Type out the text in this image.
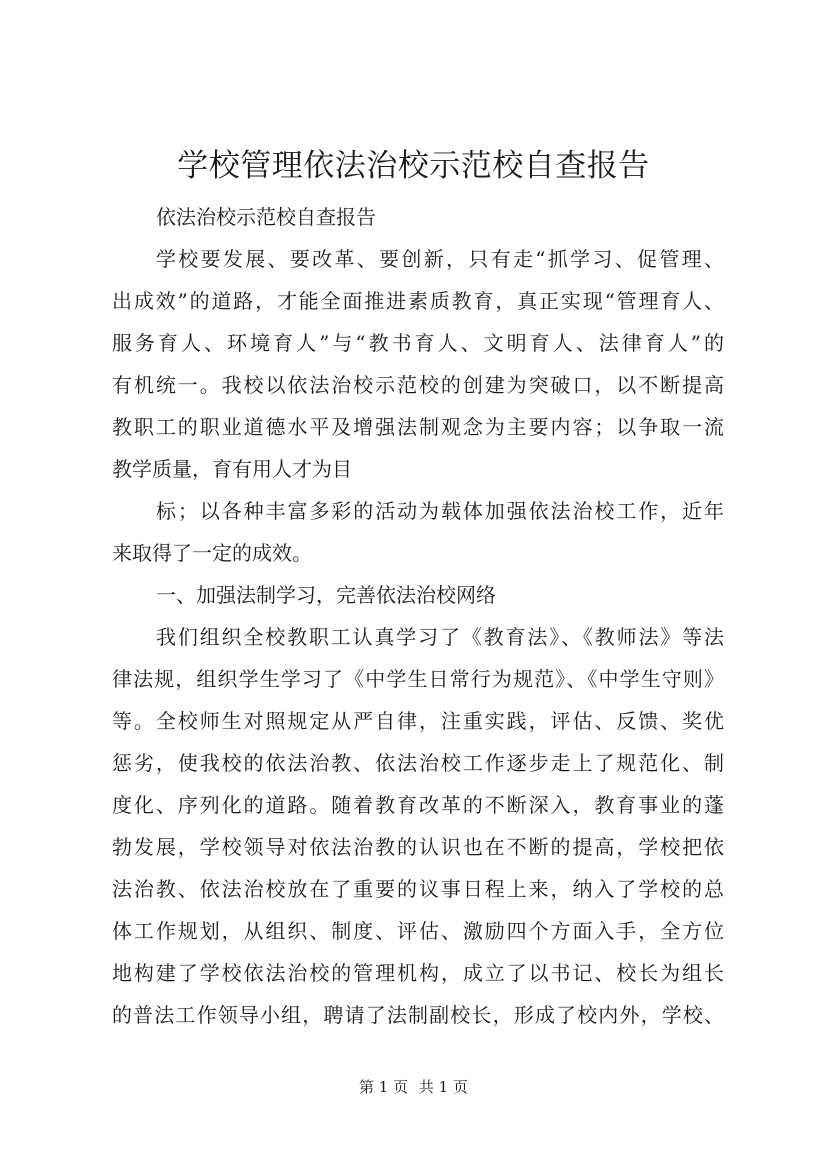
学校管理依法治校示范校自查报告
依法治校示范校自查报告
学校要发展、要改革、要创新，只有走“抓学习、促管理、
出成效”的道路，才能全面推进素质教育，真正实现“管理育人、
服务育人、环境育人”与“教书育人、文明育人、法律育人”的
有机统一。我校以依法治校示范校的创建为突破口，以不断提高
教职工的职业道德水平及增强法制观念为主要内容；以争取一流
教学质量，育有用人才为目
标；以各种丰富多彩的活动为载体加强依法治校工作，近年
来取得了一定的成效。
一、加强法制学习，完善依法治校网络
我们组织全校教职工认真学习了《教育法》、《教师法》等法
律法规，组织学生学习了《中学生日常行为规范》、《中学生守则》
等。全校师生对照规定从严自律，注重实践，评估、反馈、奖优
惩劣，使我校的依法治教、依法治校工作逐步走上了规范化、制
度化、序列化的道路。随着教育改革的不断深入，教育事业的蓬
勃发展，学校领导对依法治教的认识也在不断的提高，学校把依
法治教、依法治校放在了重要的议事日程上来，纳入了学校的总
体工作规划，从组织、制度、评估、激励四个方面入手，全方位
地构建了学校依法治校的管理机构，成立了以书记、校长为组长
的普法工作领导小组，聘请了法制副校长，形成了校内外，学校、
第 1 页 共 1 页
